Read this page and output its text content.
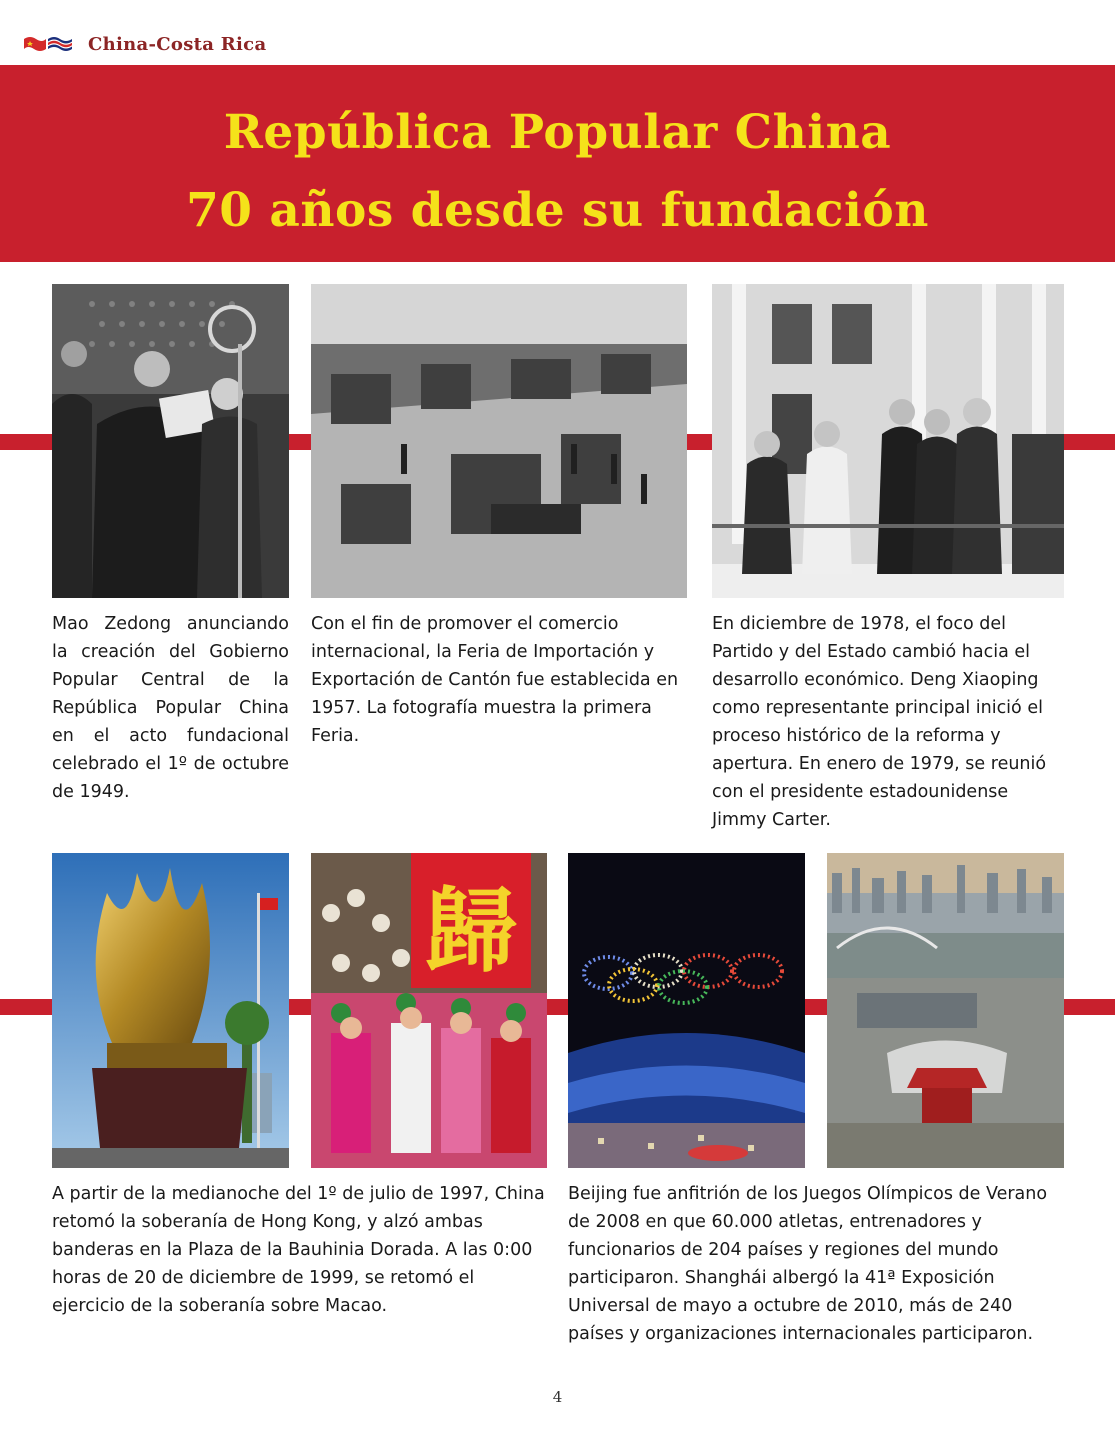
China-Costa Rica
República Popular China
70 años desde su fundación
Mao Zedong anunciando la creación del Gobierno Popular Central de la República Popular China en el acto fundacional celebrado el 1º de octubre de 1949.
Con el fin de promover el comercio internacional, la Feria de Importación y Exportación de Cantón fue establecida en 1957. La fotografía muestra la primera Feria.
En diciembre de 1978, el foco del Partido y del Estado cambió hacia el desarrollo económico. Deng Xiaoping como representante principal inició el proceso histórico de la reforma y apertura. En enero de 1979, se reunió con el presidente estadounidense Jimmy Carter.
歸
A partir de la medianoche del 1º de julio de 1997, China retomó la soberanía de Hong Kong, y alzó ambas banderas en la Plaza de la Bauhinia Dorada. A las 0:00 horas de 20 de diciembre de 1999, se retomó el ejercicio de la soberanía sobre Macao.
Beijing fue anfitrión de los Juegos Olímpicos de Verano de 2008 en que 60.000 atletas, entrenadores y funcionarios de 204 países y regiones del mundo participaron. Shanghái albergó la 41ª Exposición Universal de mayo a octubre de 2010, más de 240 países y organizaciones internacionales participaron.
4
